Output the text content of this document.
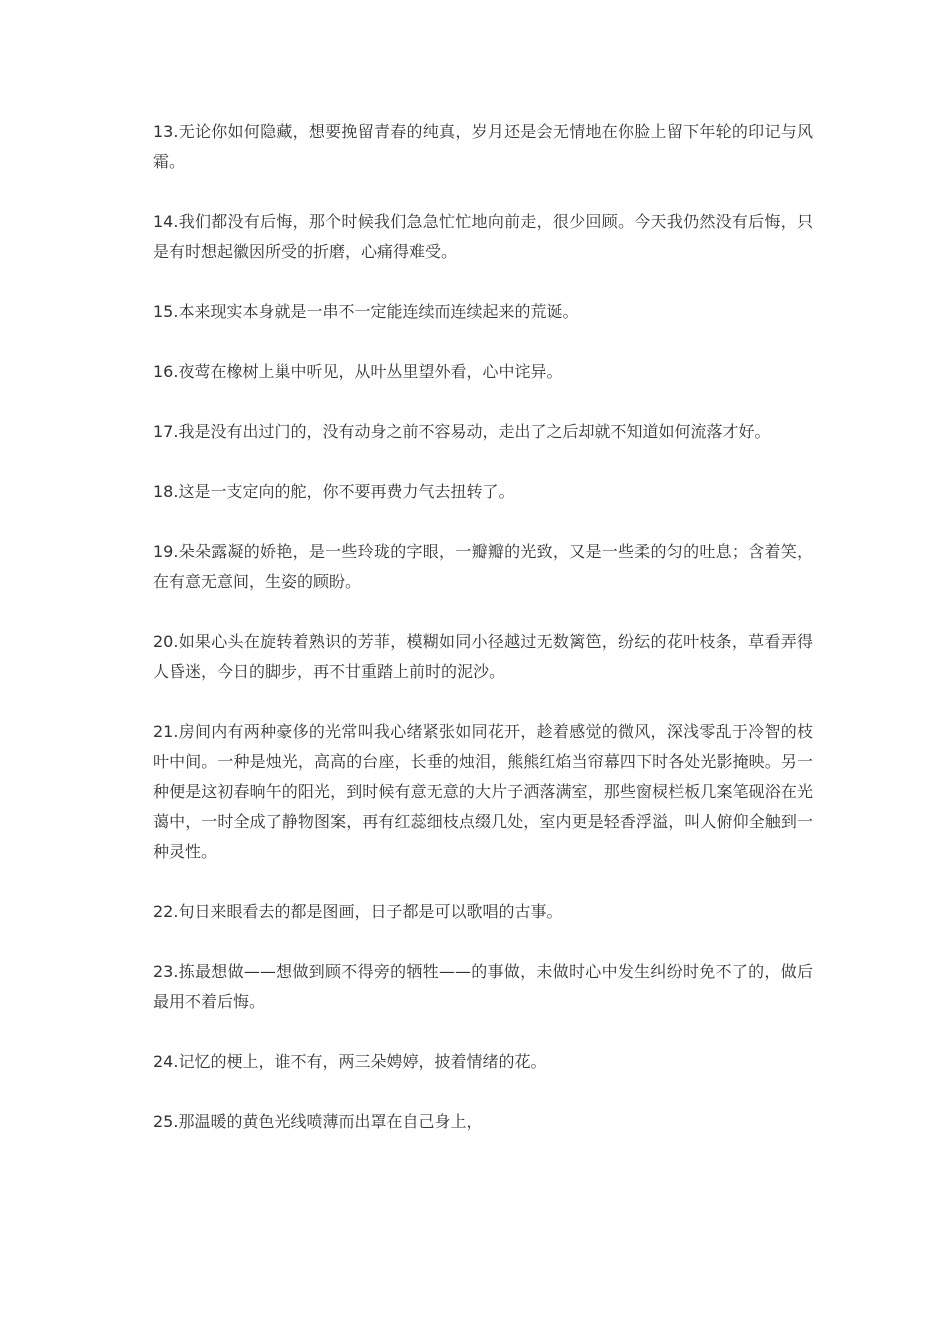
13.无论你如何隐藏，想要挽留青春的纯真，岁月还是会无情地在你脸上留下年轮的印记与风霜。

14.我们都没有后悔，那个时候我们急急忙忙地向前走，很少回顾。今天我仍然没有后悔，只是有时想起徽因所受的折磨，心痛得难受。

15.本来现实本身就是一串不一定能连续而连续起来的荒诞。

16.夜莺在橡树上巢中听见，从叶丛里望外看，心中诧异。

17.我是没有出过门的，没有动身之前不容易动，走出了之后却就不知道如何流落才好。

18.这是一支定向的舵，你不要再费力气去扭转了。

19.朵朵露凝的娇艳，是一些玲珑的字眼，一瓣瓣的光致，又是一些柔的匀的吐息；含着笑，在有意无意间，生姿的顾盼。

20.如果心头在旋转着熟识的芳菲，模糊如同小径越过无数篱笆，纷纭的花叶枝条，草看弄得人昏迷，今日的脚步，再不甘重踏上前时的泥沙。

21.房间内有两种豪侈的光常叫我心绪紧张如同花开，趁着感觉的微风，深浅零乱于冷智的枝叶中间。一种是烛光，高高的台座，长垂的烛泪，熊熊红焰当帘幕四下时各处光影掩映。另一种便是这初春晌午的阳光，到时候有意无意的大片子洒落满室，那些窗棂栏板几案笔砚浴在光蔼中，一时全成了静物图案，再有红蕊细枝点缀几处，室内更是轻香浮溢，叫人俯仰全触到一种灵性。

22.旬日来眼看去的都是图画，日子都是可以歌唱的古事。

23.拣最想做——想做到顾不得旁的牺牲——的事做，未做时心中发生纠纷时免不了的，做后最用不着后悔。

24.记忆的梗上，谁不有，两三朵娉婷，披着情绪的花。

25.那温暖的黄色光线喷薄而出罩在自己身上，
